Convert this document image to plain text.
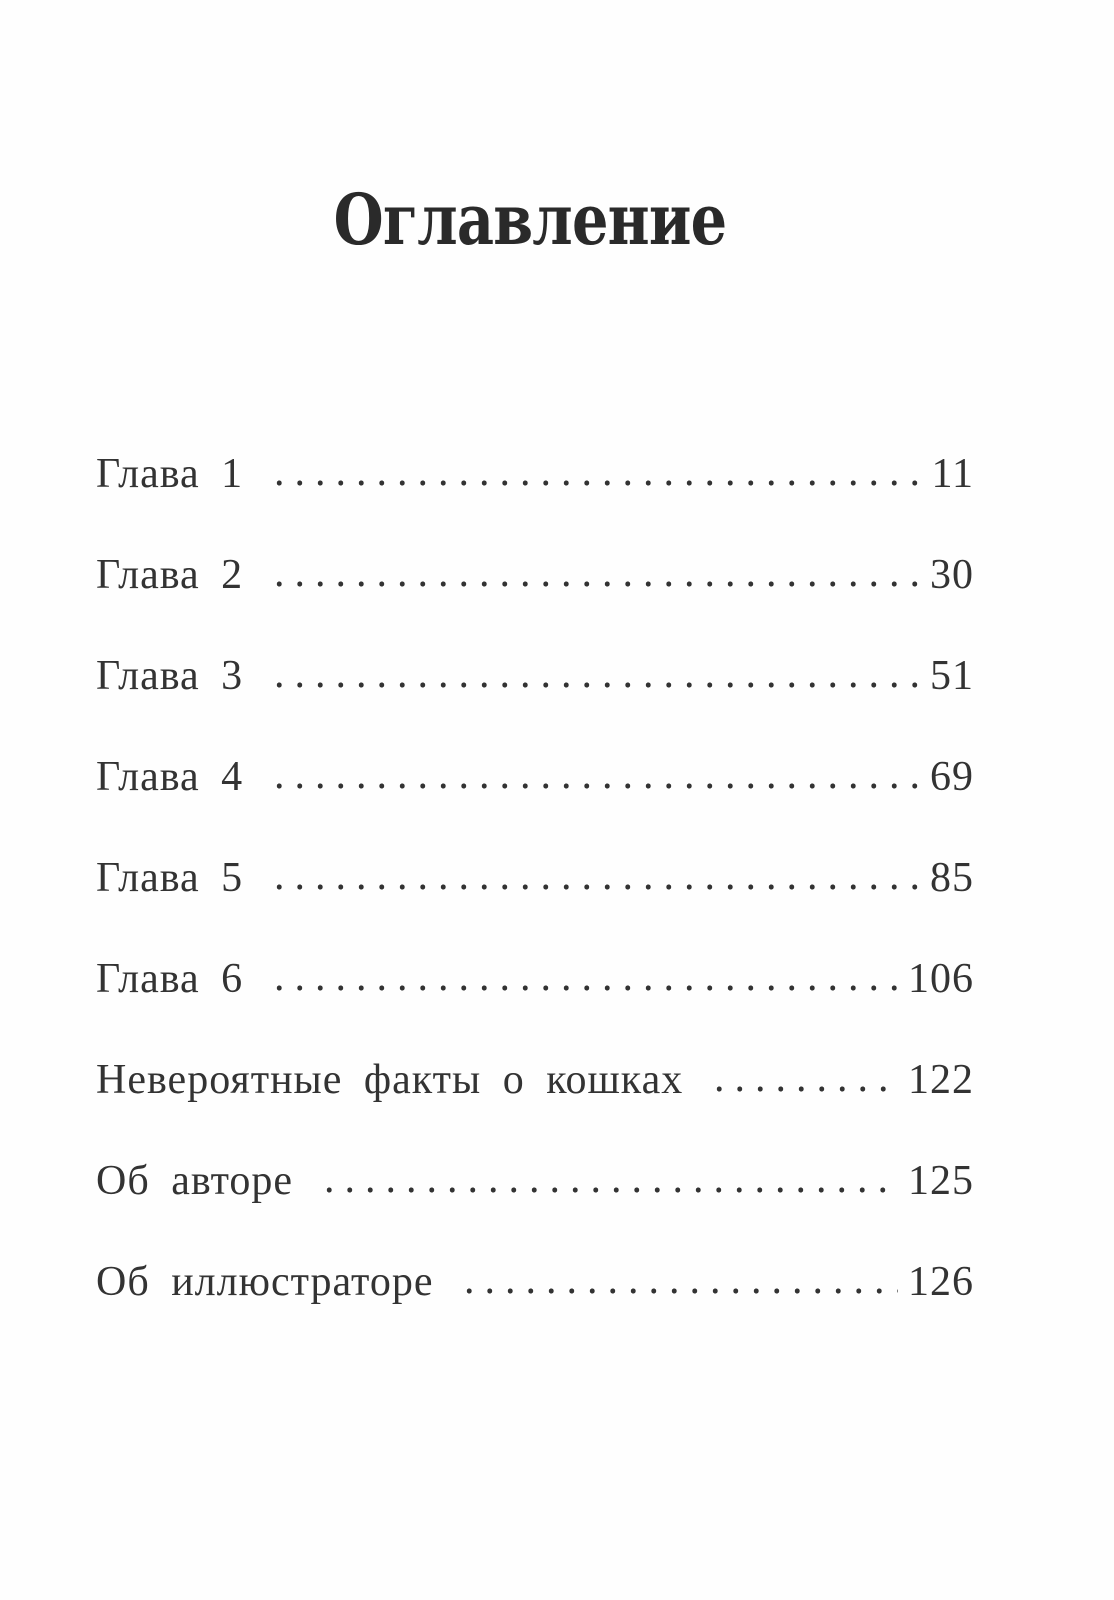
Оглавление
Глава 1	11
Глава 2	30
Глава 3	51
Глава 4	69
Глава 5	85
Глава 6	106
Невероятные факты о кошках	122
Об авторе	125
Об иллюстраторе	126
